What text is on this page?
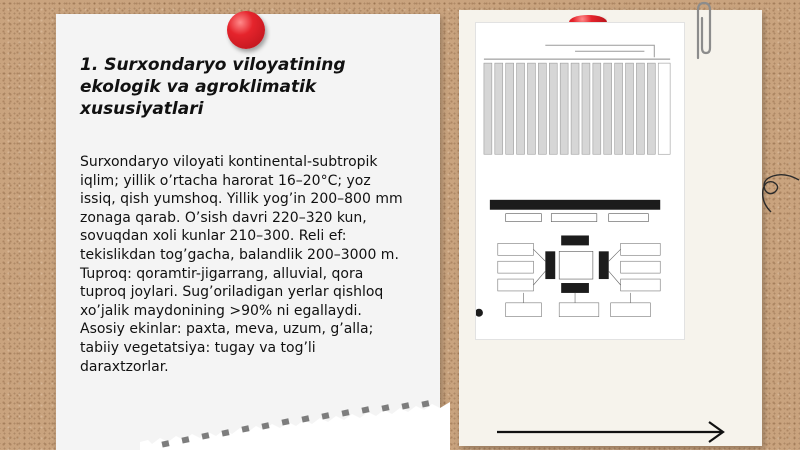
1. Surxondaryo viloyatining ekologik va agroklimatik xususiyatlari
Surxondaryo viloyati kontinental-subtropik
iqlim; yillik o’rtacha harorat 16–20°C; yoz
issiq, qish yumshoq. Yillik yog’in 200–800 mm
zonaga qarab. O’sish davri 220–320 kun,
sovuqdan xoli kunlar 210–300. Reli ef:
tekislikdan tog’gacha, balandlik 200–3000 m.
Tuproq: qoramtir-jigarrang, alluvial, qora
tuproq joylari. Sug’oriladigan yerlar qishloq
xo’jalik maydonining >90% ni egallaydi.
Asosiy ekinlar: paxta, meva, uzum, g’alla;
tabiiy vegetatsiya: tugay va tog’li
daraxtzorlar.
